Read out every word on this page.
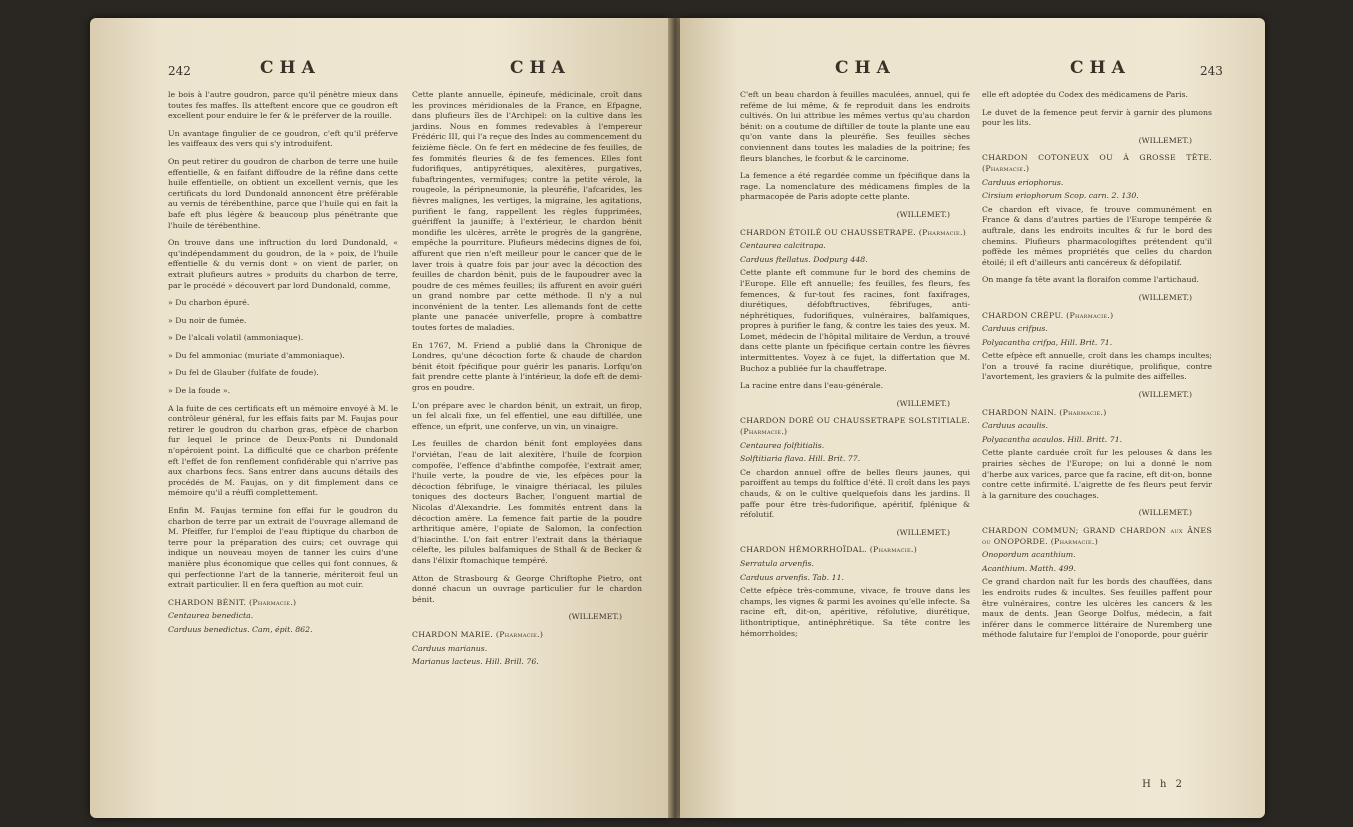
242	CHA	CHA

le bois à l'autre goudron, parce qu'il pénètre mieux dans toutes fes maffes. Ils atteftent encore que ce goudron eft excellent pour enduire le fer & le préferver de la rouille.

Un avantage fingulier de ce goudron, c'eft qu'il préferve les vaiffeaux des vers qui s'y introduifent.

On peut retirer du goudron de charbon de terre une huile effentielle, & en faifant diffoudre de la réfine dans cette huile effentielle, on obtient un excellent vernis, que les certificats du lord Dundonald annoncent être préférable au vernis de térébenthine, parce que l'huile qui en fait la bafe eft plus légère & beaucoup plus pénétrante que l'huile de térébenthine.

On trouve dans une inftruction du lord Dundonald, « qu'indépendamment du goudron, de la » poix, de l'huile effentielle & du vernis dont » on vient de parler, on extrait plufieurs autres » produits du charbon de terre, par le procédé » découvert par lord Dundonald, comme,

» Du charbon épuré.

» Du noir de fumée.

» De l'alcali volatil (ammoniaque).

» Du fel ammoniac (muriate d'ammoniaque).

» Du fel de Glauber (fulfate de foude).

» De la foude ».

A la fuite de ces certificats eft un mémoire envoyé à M. le contrôleur général, fur les effais faits par M. Faujas pour retirer le goudron du charbon gras, efpèce de charbon fur lequel le prince de Deux-Ponts ni Dundonald n'opéroient point. La difficulté que ce charbon préfente eft l'effet de fon renflement confidérable qui n'arrive pas aux charbons fecs. Sans entrer dans aucuns détails des procédés de M. Faujas, on y dit fimplement dans ce mémoire qu'il a réuffi complettement.

Enfin M. Faujas termine fon effai fur le goudron du charbon de terre par un extrait de l'ouvrage allemand de M. Pfeiffer, fur l'emploi de l'eau ftiptique du charbon de terre pour la préparation des cuirs; cet ouvrage qui indique un nouveau moyen de tanner les cuirs d'une manière plus économique que celles qui font connues, & qui perfectionne l'art de la tannerie, mériteroit feul un extrait particulier. Il en fera queftion au mot cuir.

CHARDON BÉNIT. (Pharmacie.)

Centaurea benedicta.

Carduus benedictus. Cam, épit. 862.

Cette plante annuelle, épineufe, médicinale, croît dans les provinces méridionales de la France, en Efpagne, dans plufieurs îles de l'Archipel: on la cultive dans les jardins. Nous en fommes redevables à l'empereur Frédéric III, qui l'a reçue des Indes au commencement du feizième fiècle. On fe fert en médecine de fes feuilles, de fes fommités fleuries & de fes femences. Elles font fudorifiques, antipyrétiques, alexitères, purgatives, fubaftringentes, vermifuges; contre la petite vérole, la rougeole, la péripneumonie, la pleuréfie, l'afcarides, les fièvres malignes, les vertiges, la migraine, les agitations, purifient le fang, rappellent les règles fupprimées, guériffent la jauniffe; à l'extérieur, le chardon bénit mondifie les ulcères, arrête le progrès de la gangrène, empêche la pourriture. Plufieurs médecins dignes de foi, affurent que rien n'eft meilleur pour le cancer que de le laver trois à quatre fois par jour avec la décoction des feuilles de chardon bénit, puis de le faupoudrer avec la poudre de ces mêmes feuilles; ils affurent en avoir guéri un grand nombre par cette méthode. Il n'y a nul inconvénient de la tenter. Les allemands font de cette plante une panacée univerfelle, propre à combattre toutes fortes de maladies.

En 1767, M. Friend a publié dans la Chronique de Londres, qu'une décoction forte & chaude de chardon bénit étoit fpécifique pour guérir les panaris. Lorfqu'on fait prendre cette plante à l'intérieur, la dofe eft de demi-gros en poudre.

L'on prépare avec le chardon bénit, un extrait, un firop, un fel alcali fixe, un fel effentiel, une eau diftillée, une effence, un efprit, une conferve, un vin, un vinaigre.

Les feuilles de chardon bénit font employées dans l'orviétan, l'eau de lait alexitère, l'huile de fcorpion compofée, l'effence d'abfinthe compofée, l'extrait amer, l'huile verte, la poudre de vie, les efpèces pour la décoction fébrifuge, le vinaigre thériacal, les pilules toniques des docteurs Bacher, l'onguent martial de Nicolas d'Alexandrie. Les fommités entrent dans la décoction amère. La femence fait partie de la poudre arthritique amère, l'opiate de Salomon, la confection d'hiacinthe. L'on fait entrer l'extrait dans la thériaque célefte, les pilules balfamiques de Sthall & de Becker & dans l'élixir ftomachique tempéré.

Atton de Strasbourg & George Chriftophe Pietro, ont donné chacun un ouvrage particulier fur le chardon bénit.

(WILLEMET.)

CHARDON MARIE. (Pharmacie.)

Carduus marianus.

Marianus lacteus. Hill. Brill. 76.

CHA	CHA	243

C'eft un beau chardon à feuilles maculées, annuel, qui fe reféme de lui même, & fe reproduit dans les endroits cultivés. On lui attribue les mêmes vertus qu'au chardon bénit: on a coutume de diftiller de toute la plante une eau qu'on vante dans la pleuréfie. Ses feuilles sèches conviennent dans toutes les maladies de la poitrine; fes fleurs blanches, le fcorbut & le carcinome.

La femence a été regardée comme un fpécifique dans la rage. La nomenclature des médicamens fimples de la pharmacopée de Paris adopte cette plante.

(WILLEMET.)

CHARDON ÉTOILÉ OU CHAUSSETRAPE. (Pharmacie.)

Centaurea calcitrapa.

Carduus ftellatus. Dodpurg 448.

Cette plante eft commune fur le bord des chemins de l'Europe. Elle eft annuelle; fes feuilles, fes fleurs, fes femences, & fur-tout fes racines, font faxifrages, diurétiques, défobftructives, fébrifuges, anti-néphrétiques, fudorifiques, vulnéraires, balfamiques, propres à purifier le fang, & contre les taies des yeux. M. Lomet, médecin de l'hôpital militaire de Verdun, a trouvé dans cette plante un fpécifique certain contre les fièvres intermittentes. Voyez à ce fujet, la differtation que M. Buchoz a publiée fur la chauffetrape.

La racine entre dans l'eau-générale.

(WILLEMET.)

CHARDON DORÉ OU CHAUSSETRAPE SOLSTITIALE. (Pharmacie.)

Centaurea folftitialis.

Solftitiaria flava. Hill. Brit. 77.

Ce chardon annuel offre de belles fleurs jaunes, qui paroiffent au temps du folftice d'été. Il croît dans les pays chauds, & on le cultive quelquefois dans les jardins. Il paffe pour être très-fudorifique, apéritif, fplénique & réfolutif.

(WILLEMET.)

CHARDON HÉMORRHOÏDAL. (Pharmacie.)

Serratula arvenfis.

Carduus arvenfis. Tab. 11.

Cette efpèce très-commune, vivace, fe trouve dans les champs, les vignes & parmi les avoines qu'elle infecte. Sa racine eft, dit-on, apéritive, réfolutive, diurétique, lithontriptique, antinéphrétique. Sa tête contre les hémorrhoïdes;

elle eft adoptée du Codex des médicamens de Paris.

Le duvet de la femence peut fervir à garnir des plumons pour les lits.

(WILLEMET.)

CHARDON COTONEUX OU À GROSSE TÊTE. (Pharmacie.)

Carduus eriophorus.

Cirsium eriophorum Scop. carn. 2. 130.

Ce chardon eft vivace, fe trouve communément en France & dans d'autres parties de l'Europe tempérée & auftrale, dans les endroits incultes & fur le bord des chemins. Plufieurs pharmacologiftes prétendent qu'il poffède les mêmes propriétés que celles du chardon étoilé; il eft d'ailleurs anti cancéreux & défopilatif.

On mange fa tête avant la floraifon comme l'artichaud.

(WILLEMET.)

CHARDON CRÉPU. (Pharmacie.)

Carduus crifpus.

Polyacantha crifpa, Hill. Brit. 71.

Cette efpèce eft annuelle, croît dans les champs incultes; l'on a trouvé fa racine diurétique, prolifique, contre l'avortement, les graviers & la pulmite des aiffelles.

(WILLEMET.)

CHARDON NAIN. (Pharmacie.)

Carduus acaulis.

Polyacantha acaulos. Hill. Britt. 71.

Cette plante carduée croît fur les pelouses & dans les prairies sèches de l'Europe; on lui a donné le nom d'herbe aux varices, parce que fa racine, eft dit-on, bonne contre cette infirmité. L'aigrette de fes fleurs peut fervir à la garniture des couchages.

(WILLEMET.)

CHARDON COMMUN; GRAND CHARDON aux ÂNES ou ONOPORDE. (Pharmacie.)

Onopordum acanthium.

Acanthium. Matth. 499.

Ce grand chardon naît fur les bords des chauffées, dans les endroits rudes & incultes. Ses feuilles paffent pour être vulnéraires, contre les ulcères les cancers & les maux de dents. Jean George Dolfus, médecin, a fait inférer dans le commerce littéraire de Nuremberg une méthode falutaire fur l'emploi de l'onoporde, pour guérir

H h 2
